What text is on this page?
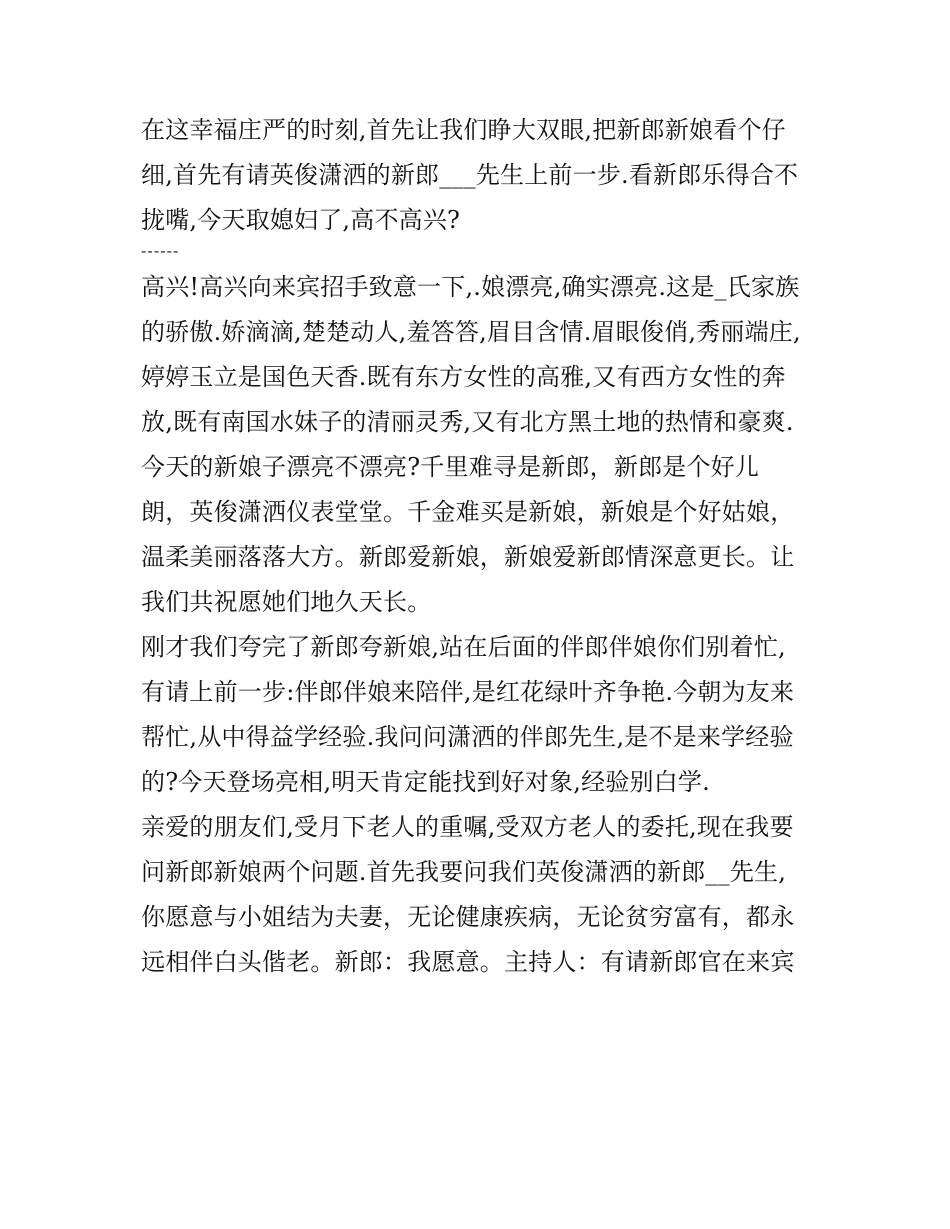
在这幸福庄严的时刻,首先让我们睁大双眼,把新郎新娘看个仔
细,首先有请英俊潇洒的新郎___先生上前一步.看新郎乐得合不
拢嘴,今天取媳妇了,高不高兴?

------

高兴!高兴向来宾招手致意一下,.娘漂亮,确实漂亮.这是_氏家族
的骄傲.娇滴滴,楚楚动人,羞答答,眉目含情.眉眼俊俏,秀丽端庄,
婷婷玉立是国色天香.既有东方女性的高雅,又有西方女性的奔
放,既有南国水妹子的清丽灵秀,又有北方黑土地的热情和豪爽.
今天的新娘子漂亮不漂亮?千里难寻是新郎，新郎是个好儿
朗，英俊潇洒仪表堂堂。千金难买是新娘，新娘是个好姑娘，
温柔美丽落落大方。新郎爱新娘，新娘爱新郎情深意更长。让
我们共祝愿她们地久天长。

刚才我们夸完了新郎夸新娘,站在后面的伴郎伴娘你们别着忙,
有请上前一步:伴郎伴娘来陪伴,是红花绿叶齐争艳.今朝为友来
帮忙,从中得益学经验.我问问潇洒的伴郎先生,是不是来学经验
的?今天登场亮相,明天肯定能找到好对象,经验别白学.

亲爱的朋友们,受月下老人的重嘱,受双方老人的委托,现在我要
问新郎新娘两个问题.首先我要问我们英俊潇洒的新郎__先生,
你愿意与小姐结为夫妻，无论健康疾病，无论贫穷富有，都永
远相伴白头偕老。新郎：我愿意。主持人：有请新郎官在来宾
